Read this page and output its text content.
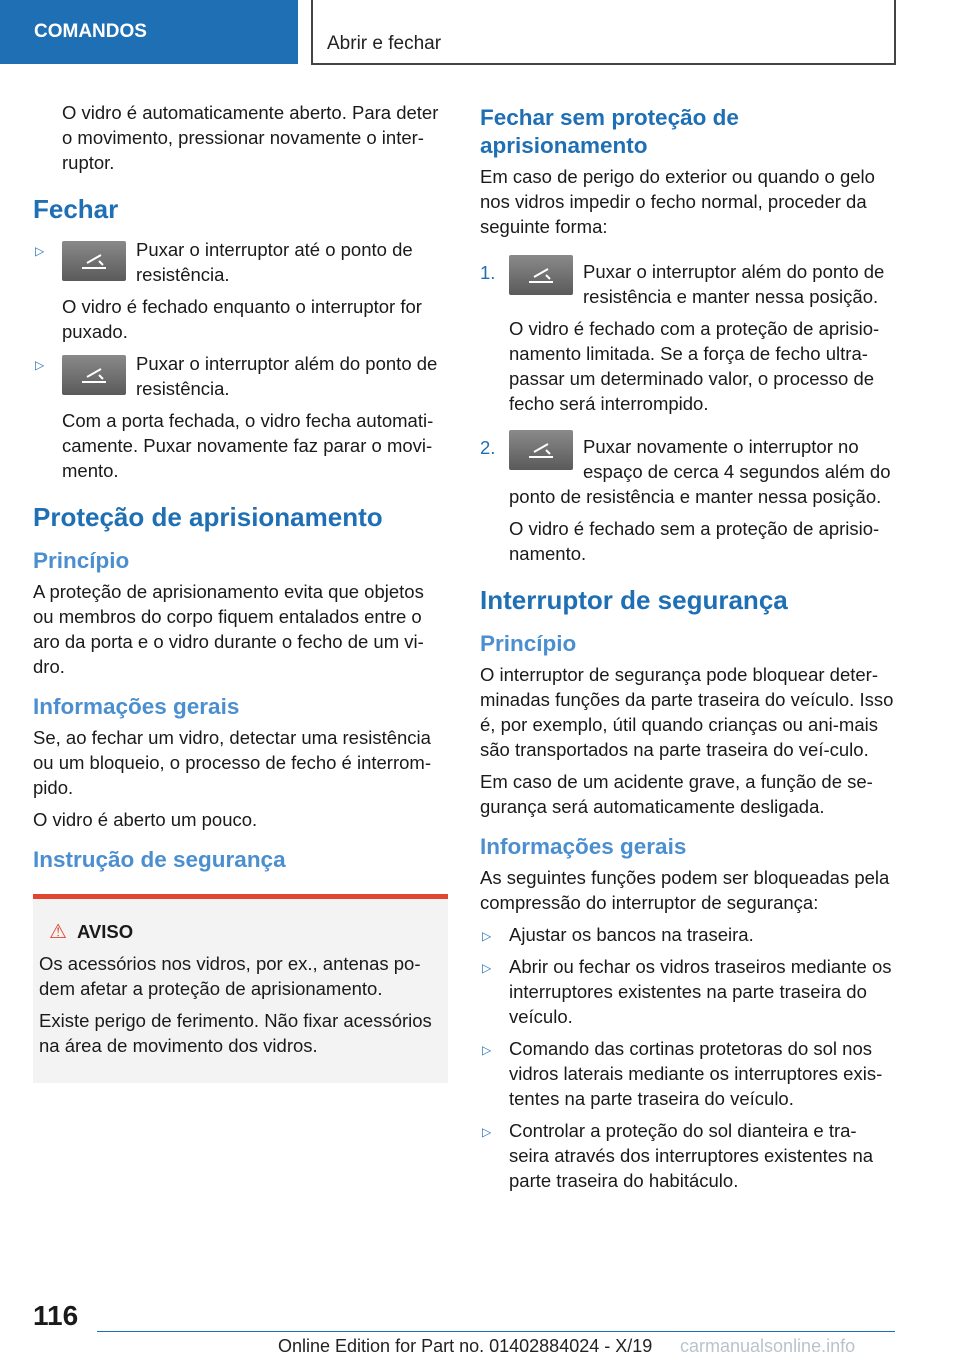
COMANDOS
Abrir e fechar

O vidro é automaticamente aberto. Para deter o movimento, pressionar novamente o inter-ruptor.

Fechar
▷	Puxar o interruptor até o ponto de resistência.

O vidro é fechado enquanto o interruptor for puxado.

▷	Puxar o interruptor além do ponto de resistência.

Com a porta fechada, o vidro fecha automati-camente. Puxar novamente faz parar o movi-mento.

Proteção de aprisionamento
Princípio

A proteção de aprisionamento evita que objetos ou membros do corpo fiquem entalados entre o aro da porta e o vidro durante o fecho de um vi-dro.

Informações gerais

Se, ao fechar um vidro, detectar uma resistência ou um bloqueio, o processo de fecho é interrom-pido.

O vidro é aberto um pouco.

Instrução de segurança
⚠ AVISO

Os acessórios nos vidros, por ex., antenas po-dem afetar a proteção de aprisionamento.

Existe perigo de ferimento. Não fixar acessórios na área de movimento dos vidros.

Fechar sem proteção de aprisionamento

Em caso de perigo do exterior ou quando o gelo nos vidros impedir o fecho normal, proceder da seguinte forma:

1.	Puxar o interruptor além do ponto de resistência e manter nessa posição.

O vidro é fechado com a proteção de aprisio-namento limitada. Se a força de fecho ultra-passar um determinado valor, o processo de fecho será interrompido.

2.	Puxar novamente o interruptor no espaço de cerca 4 segundos além do ponto de resistência e manter nessa posição.

O vidro é fechado sem a proteção de aprisio-namento.

Interruptor de segurança
Princípio

O interruptor de segurança pode bloquear deter-minadas funções da parte traseira do veículo. Isso é, por exemplo, útil quando crianças ou ani-mais são transportados na parte traseira do veí-culo.

Em caso de um acidente grave, a função de se-gurança será automaticamente desligada.

Informações gerais

As seguintes funções podem ser bloqueadas pela compressão do interruptor de segurança:

▷ Ajustar os bancos na traseira.

▷ Abrir ou fechar os vidros traseiros mediante os interruptores existentes na parte traseira do veículo.

▷ Comando das cortinas protetoras do sol nos vidros laterais mediante os interruptores exis-tentes na parte traseira do veículo.

▷ Controlar a proteção do sol dianteira e tra-seira através dos interruptores existentes na parte traseira do habitáculo.

116
Online Edition for Part no. 01402884024 - X/19 carmanualsonline.info
